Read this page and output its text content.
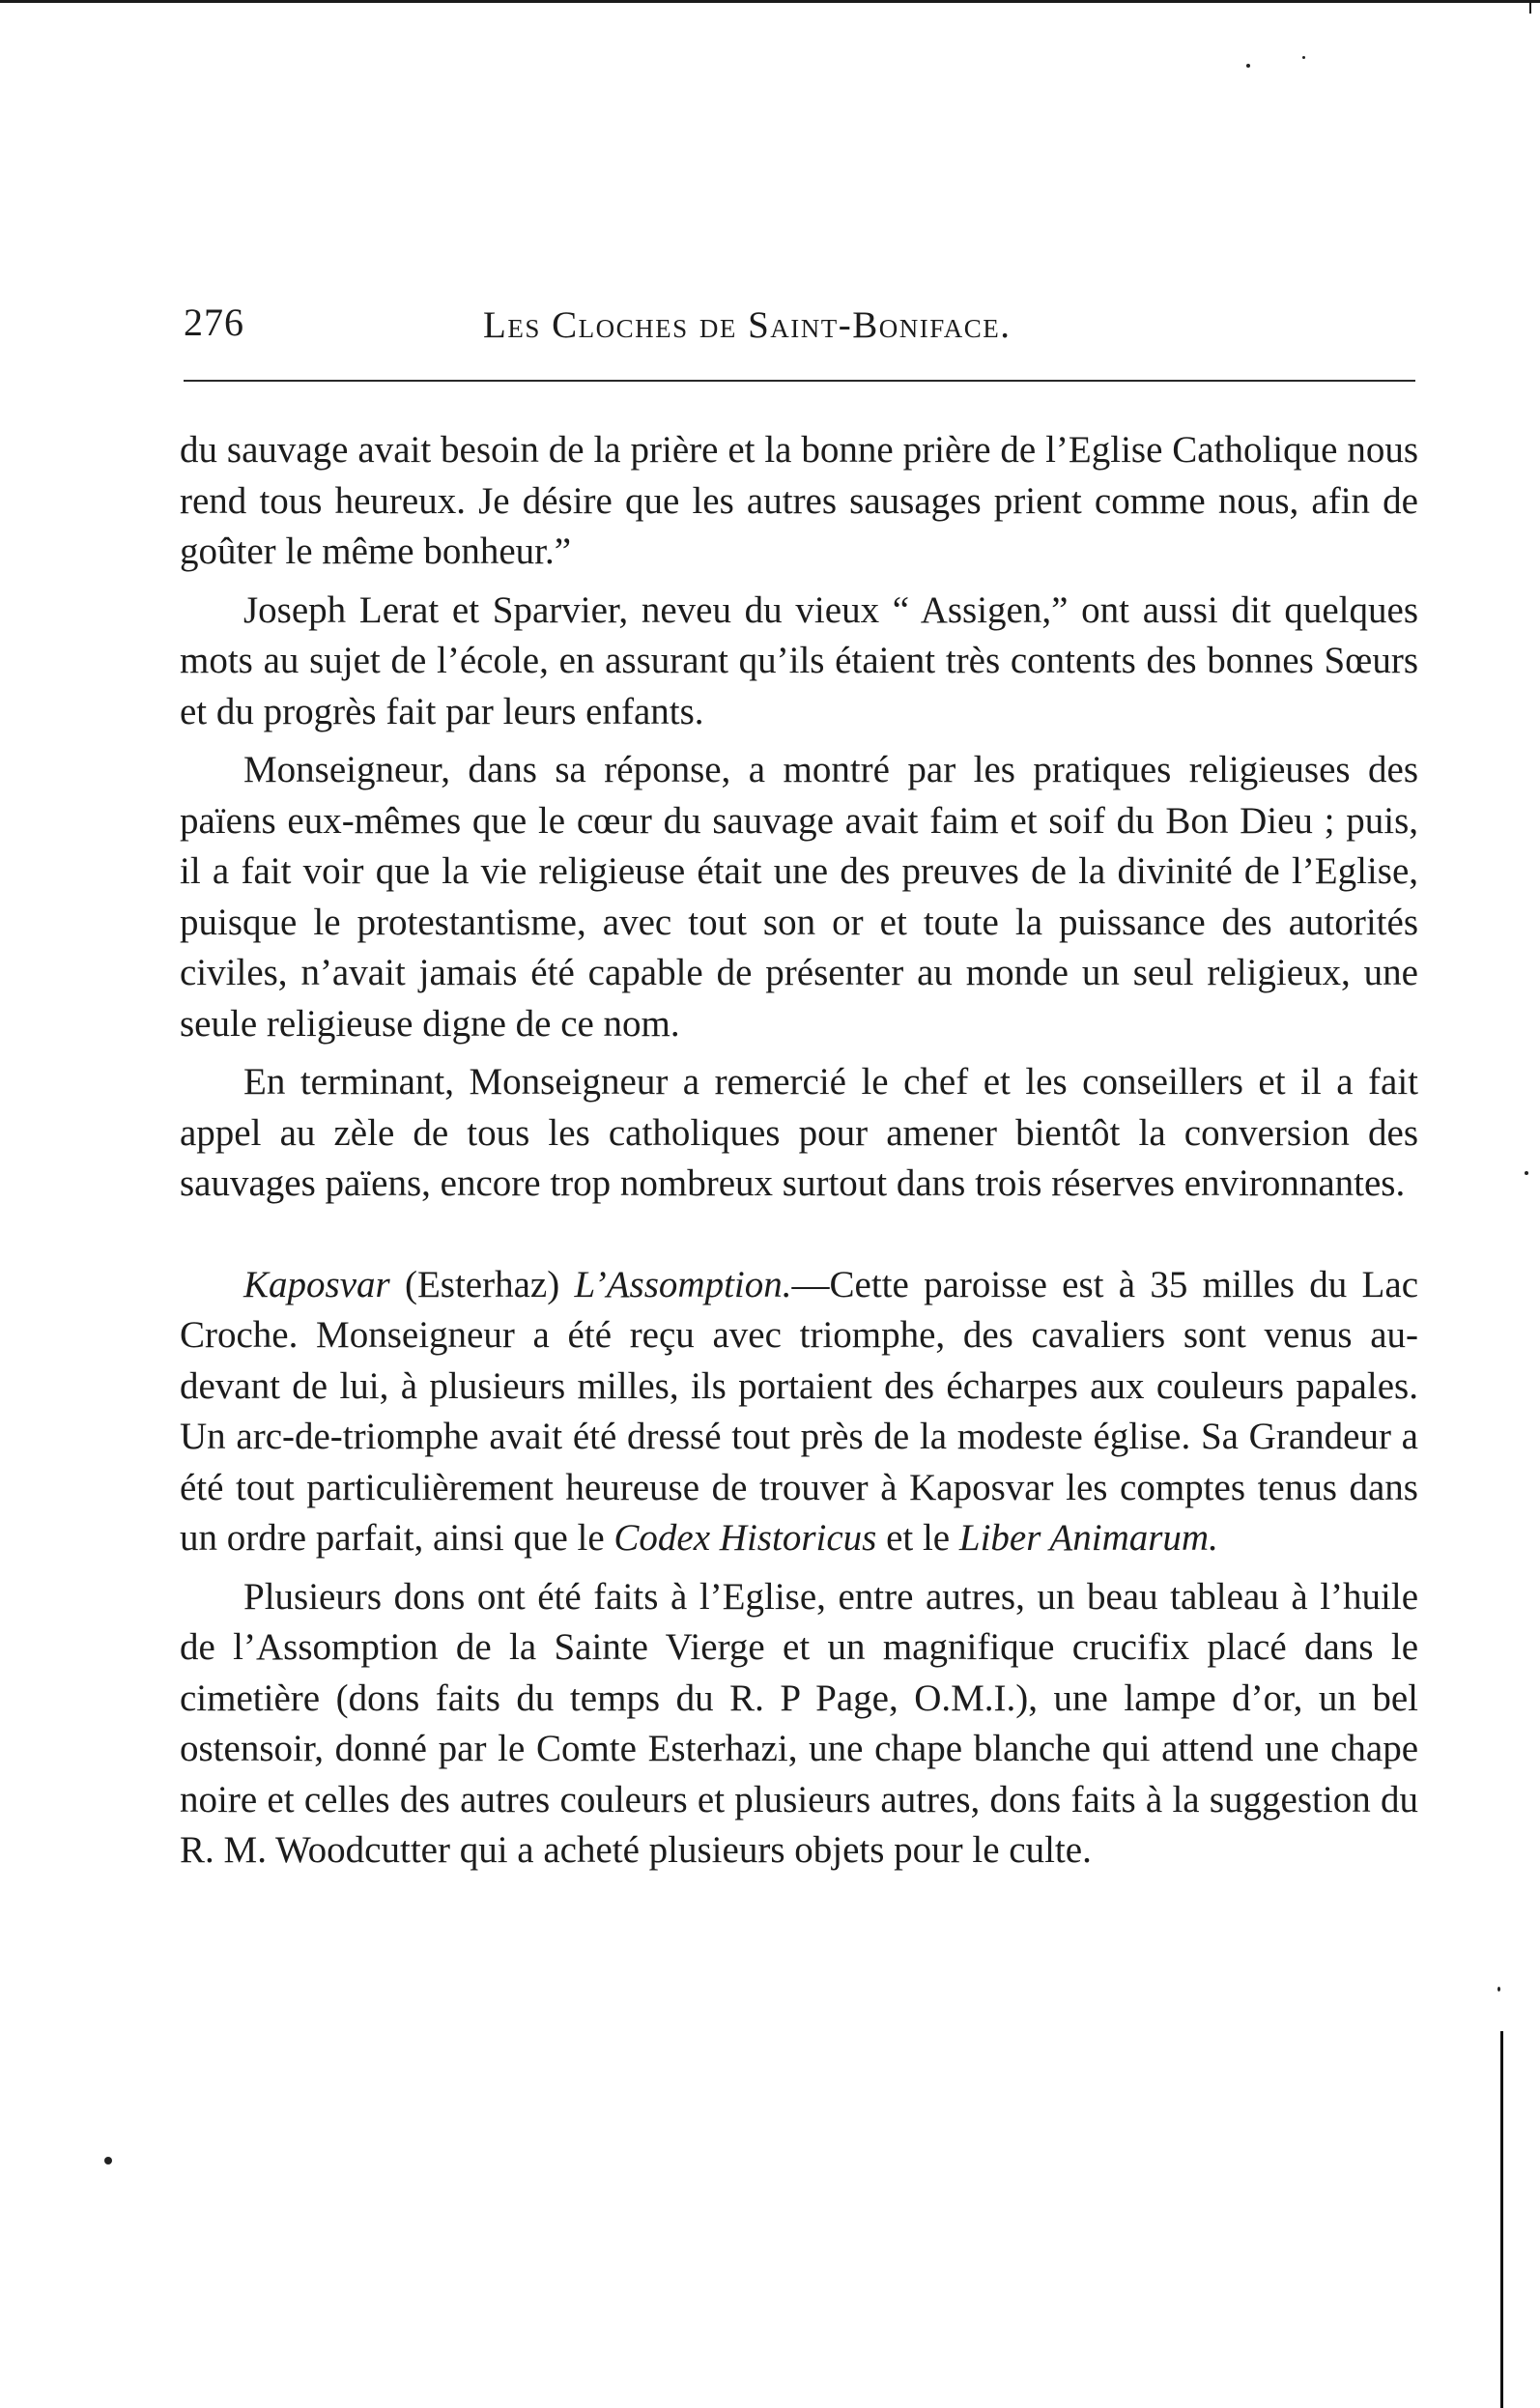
276	Les Cloches de Saint-Boniface.

du sauvage avait besoin de la prière et la bonne prière de l’Eglise Catholique nous rend tous heureux. Je désire que les autres sausages prient comme nous, afin de goûter le même bonheur.”

Joseph Lerat et Sparvier, neveu du vieux “ Assigen,” ont aussi dit quelques mots au sujet de l’école, en assurant qu’ils étaient très contents des bonnes Sœurs et du progrès fait par leurs enfants.

Monseigneur, dans sa réponse, a montré par les pratiques religieuses des païens eux-mêmes que le cœur du sauvage avait faim et soif du Bon Dieu ; puis, il a fait voir que la vie religieuse était une des preuves de la divinité de l’Eglise, puisque le protestantisme, avec tout son or et toute la puissance des autorités civiles, n’avait jamais été capable de présenter au monde un seul religieux, une seule religieuse digne de ce nom.

En terminant, Monseigneur a remercié le chef et les conseillers et il a fait appel au zèle de tous les catholiques pour amener bientôt la conversion des sauvages païens, encore trop nombreux surtout dans trois réserves environnantes.

Kaposvar (Esterhaz) L’Assomption.—Cette paroisse est à 35 milles du Lac Croche. Monseigneur a été reçu avec triomphe, des cavaliers sont venus au-devant de lui, à plusieurs milles, ils portaient des écharpes aux couleurs papales. Un arc-de-triomphe avait été dressé tout près de la modeste église. Sa Grandeur a été tout particulièrement heureuse de trouver à Kaposvar les comptes tenus dans un ordre parfait, ainsi que le Codex Historicus et le Liber Animarum.

Plusieurs dons ont été faits à l’Eglise, entre autres, un beau tableau à l’huile de l’Assomption de la Sainte Vierge et un magnifique crucifix placé dans le cimetière (dons faits du temps du R. P Page, O.M.I.), une lampe d’or, un bel ostensoir, donné par le Comte Esterhazi, une chape blanche qui attend une chape noire et celles des autres couleurs et plusieurs autres, dons faits à la suggestion du R. M. Woodcutter qui a acheté plusieurs objets pour le culte.
